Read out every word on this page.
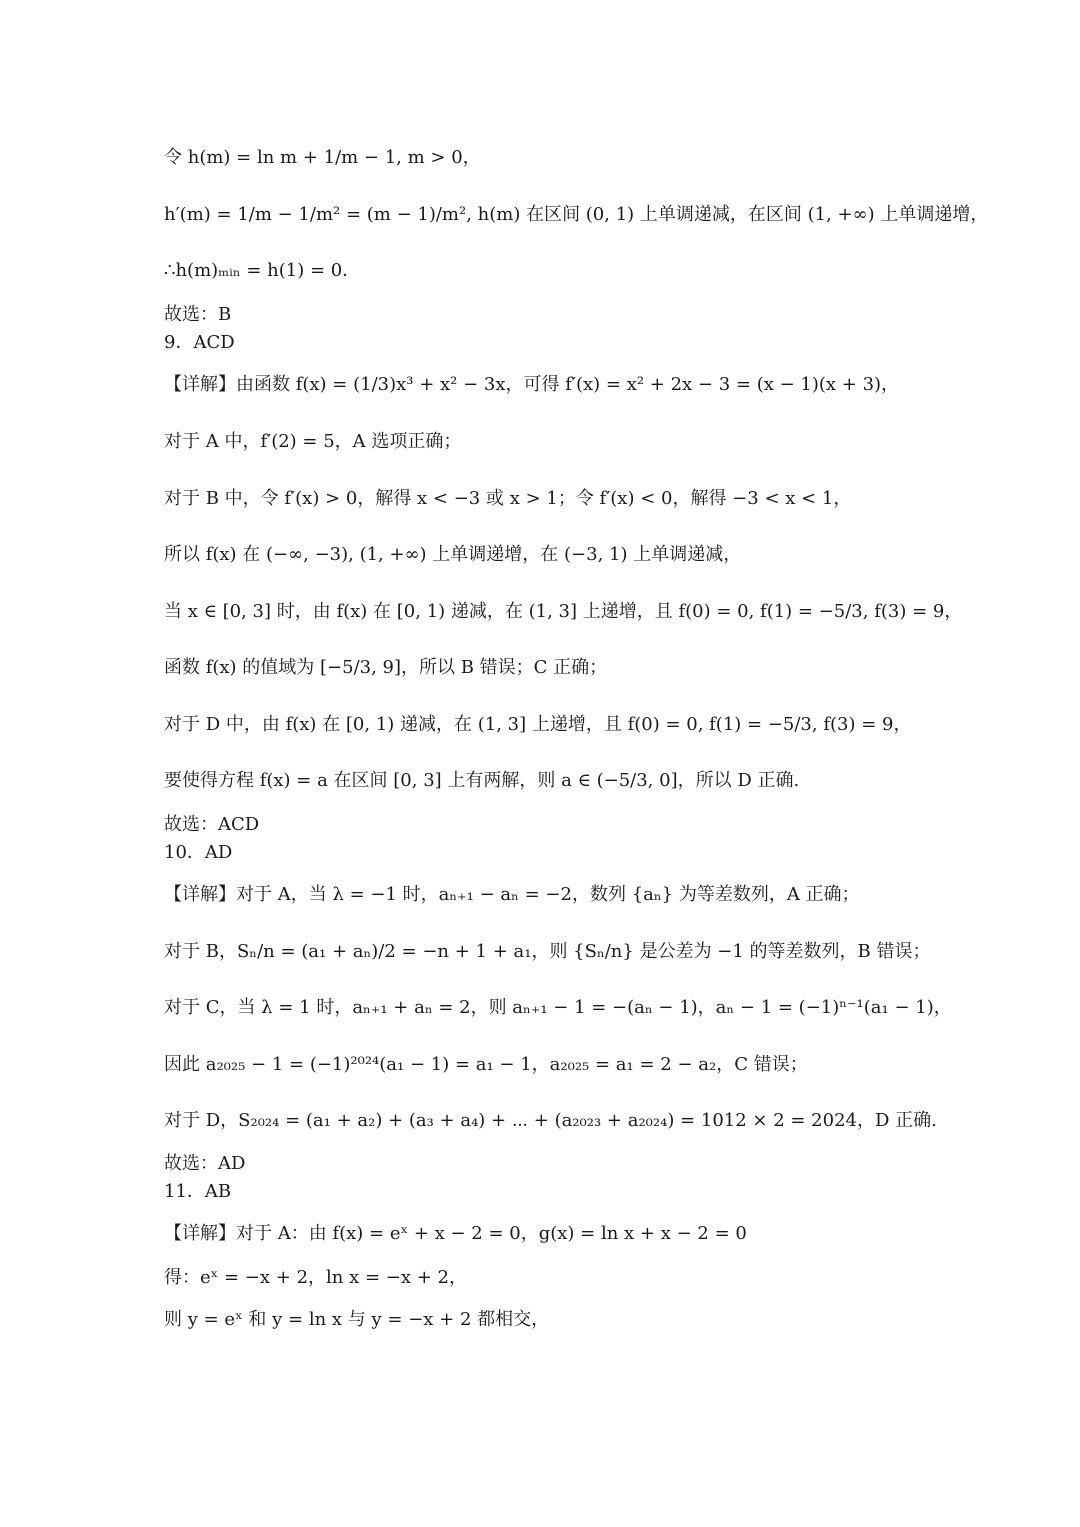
令 h(m) = ln m + 1/m − 1, m > 0，
h′(m) = 1/m − 1/m² = (m − 1)/m², h(m) 在区间 (0, 1) 上单调递减，在区间 (1, +∞) 上单调递增，
∴h(m)ₘᵢₙ = h(1) = 0．
故选：B
9．ACD
【详解】由函数 f(x) = (1/3)x³ + x² − 3x，可得 f′(x) = x² + 2x − 3 = (x − 1)(x + 3)，
对于 A 中，f′(2) = 5，A 选项正确；
对于 B 中，令 f′(x) > 0，解得 x < −3 或 x > 1；令 f′(x) < 0，解得 −3 < x < 1，
所以 f(x) 在 (−∞, −3), (1, +∞) 上单调递增，在 (−3, 1) 上单调递减，
当 x ∈ [0, 3] 时，由 f(x) 在 [0, 1) 递减，在 (1, 3] 上递增，且 f(0) = 0, f(1) = −5/3, f(3) = 9，
函数 f(x) 的值域为 [−5/3, 9]，所以 B 错误；C 正确；
对于 D 中，由 f(x) 在 [0, 1) 递减，在 (1, 3] 上递增，且 f(0) = 0, f(1) = −5/3, f(3) = 9，
要使得方程 f(x) = a 在区间 [0, 3] 上有两解，则 a ∈ (−5/3, 0]，所以 D 正确.
故选：ACD
10．AD
【详解】对于 A，当 λ = −1 时，aₙ₊₁ − aₙ = −2，数列 {aₙ} 为等差数列，A 正确；
对于 B，Sₙ/n = (a₁ + aₙ)/2 = −n + 1 + a₁，则 {Sₙ/n} 是公差为 −1 的等差数列，B 错误；
对于 C，当 λ = 1 时，aₙ₊₁ + aₙ = 2，则 aₙ₊₁ − 1 = −(aₙ − 1)，aₙ − 1 = (−1)ⁿ⁻¹(a₁ − 1)，
因此 a₂₀₂₅ − 1 = (−1)²⁰²⁴(a₁ − 1) = a₁ − 1，a₂₀₂₅ = a₁ = 2 − a₂，C 错误；
对于 D，S₂₀₂₄ = (a₁ + a₂) + (a₃ + a₄) + ⋯ + (a₂₀₂₃ + a₂₀₂₄) = 1012 × 2 = 2024，D 正确.
故选：AD
11．AB
【详解】对于 A：由 f(x) = eˣ + x − 2 = 0，g(x) = ln x + x − 2 = 0
得：eˣ = −x + 2，ln x = −x + 2，
则 y = eˣ 和 y = ln x 与 y = −x + 2 都相交，
